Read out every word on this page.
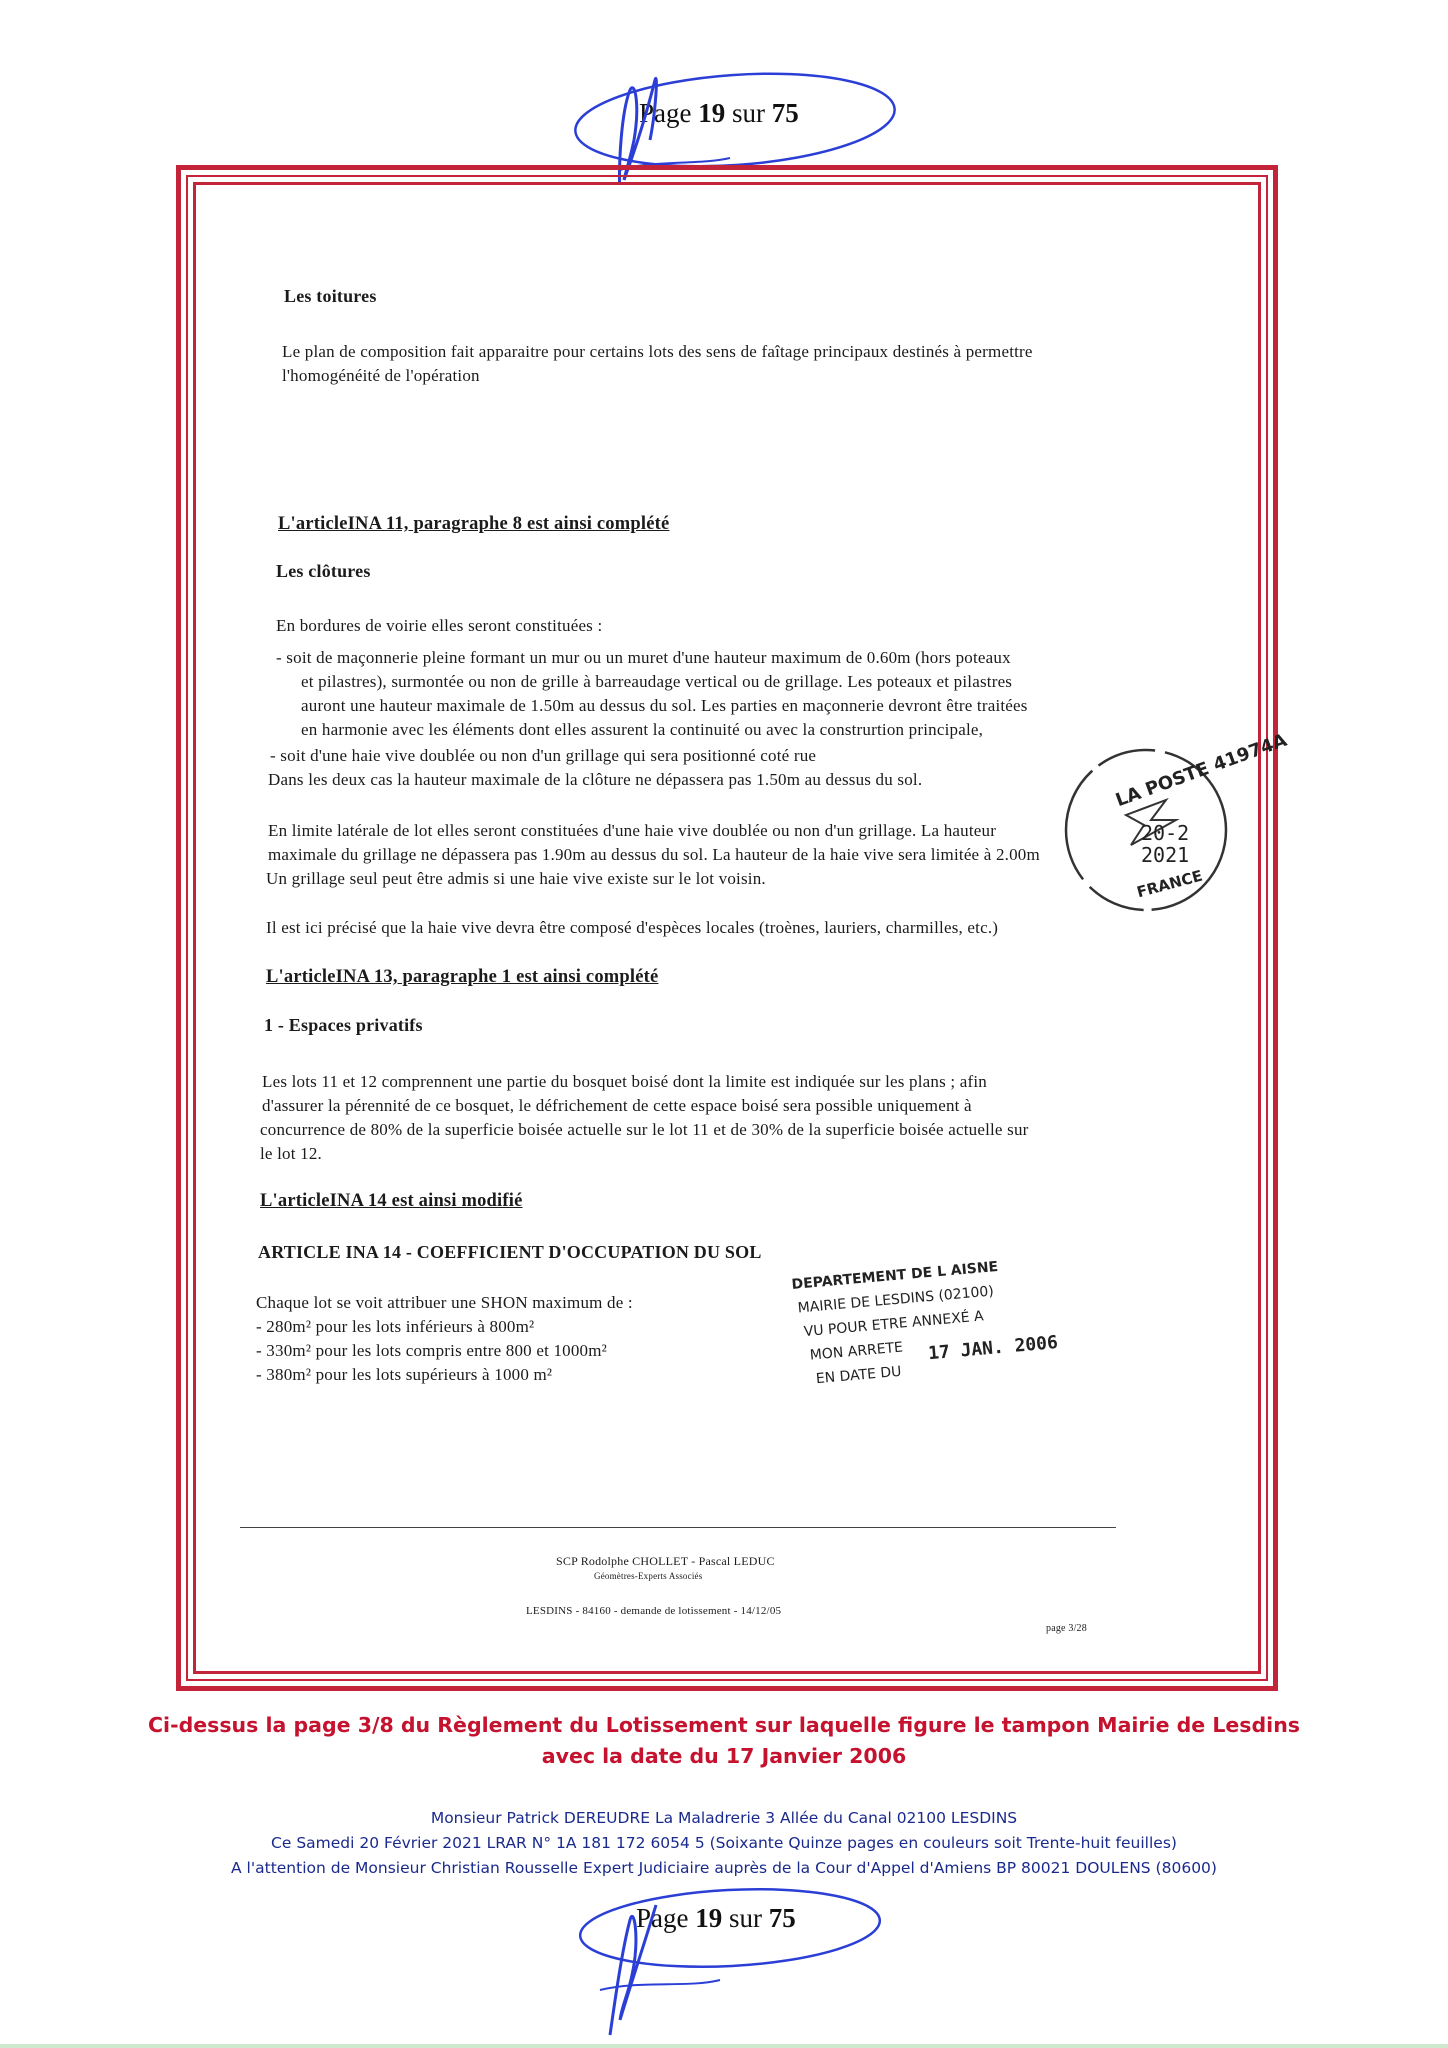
Page 19 sur 75
Les toitures
Le plan de composition fait apparaitre pour certains lots des sens de faîtage principaux destinés à permettre
l'homogénéité de l'opération
L'articleINA 11, paragraphe 8 est ainsi complété
Les clôtures
En bordures de voirie elles seront constituées :
- soit de maçonnerie pleine formant un mur ou un muret d'une hauteur maximum de 0.60m (hors poteaux
et pilastres), surmontée ou non de grille à barreaudage vertical ou de grillage. Les poteaux et pilastres
auront une hauteur maximale de 1.50m au dessus du sol. Les parties en maçonnerie devront être traitées
en harmonie avec les éléments dont elles assurent la continuité ou avec la construrtion principale,
- soit d'une haie vive doublée ou non d'un grillage qui sera positionné coté rue
Dans les deux cas la hauteur maximale de la clôture ne dépassera pas 1.50m au dessus du sol.
En limite latérale de lot elles seront constituées d'une haie vive doublée ou non d'un grillage. La hauteur
maximale du grillage ne dépassera pas 1.90m au dessus du sol. La hauteur de la haie vive sera limitée à 2.00m
Un grillage seul peut être admis si une haie vive existe sur le lot voisin.
Il est ici précisé que la haie vive devra être composé d'espèces locales (troènes, lauriers, charmilles, etc.)
L'articleINA 13, paragraphe 1 est ainsi complété
1 - Espaces privatifs
Les lots 11 et 12 comprennent une partie du bosquet boisé dont la limite est indiquée sur les plans ; afin
d'assurer la pérennité de ce bosquet, le défrichement de cette espace boisé sera possible uniquement à
concurrence de 80% de la superficie boisée actuelle sur le lot 11 et de 30% de la superficie boisée actuelle sur
le lot 12.
L'articleINA 14 est ainsi modifié
ARTICLE INA 14 - COEFFICIENT D'OCCUPATION DU SOL
Chaque lot se voit attribuer une SHON maximum de :
- 280m² pour les lots inférieurs à 800m²
- 330m² pour les lots compris entre 800 et 1000m²
- 380m² pour les lots supérieurs à 1000 m²
DEPARTEMENT DE L AISNE
MAIRIE DE LESDINS (02100)
VU POUR ETRE ANNEXÉ A
MON ARRETE
EN DATE DU
17 JAN. 2006
LA POSTE 41974A
20-2 2021
FRANCE
SCP Rodolphe CHOLLET - Pascal LEDUC
Géomètres-Experts Associés
LESDINS - 84160 - demande de lotissement - 14/12/05
page 3/28
Ci-dessus la page 3/8 du Règlement du Lotissement sur laquelle figure le tampon Mairie de Lesdins
avec la date du 17 Janvier 2006
Monsieur Patrick DEREUDRE La Maladrerie 3 Allée du Canal 02100 LESDINS
Ce Samedi 20 Février 2021 LRAR N° 1A 181 172 6054 5 (Soixante Quinze pages en couleurs soit Trente-huit feuilles)
A l'attention de Monsieur Christian Rousselle Expert Judiciaire auprès de la Cour d'Appel d'Amiens BP 80021 DOULENS (80600)
Page 19 sur 75
